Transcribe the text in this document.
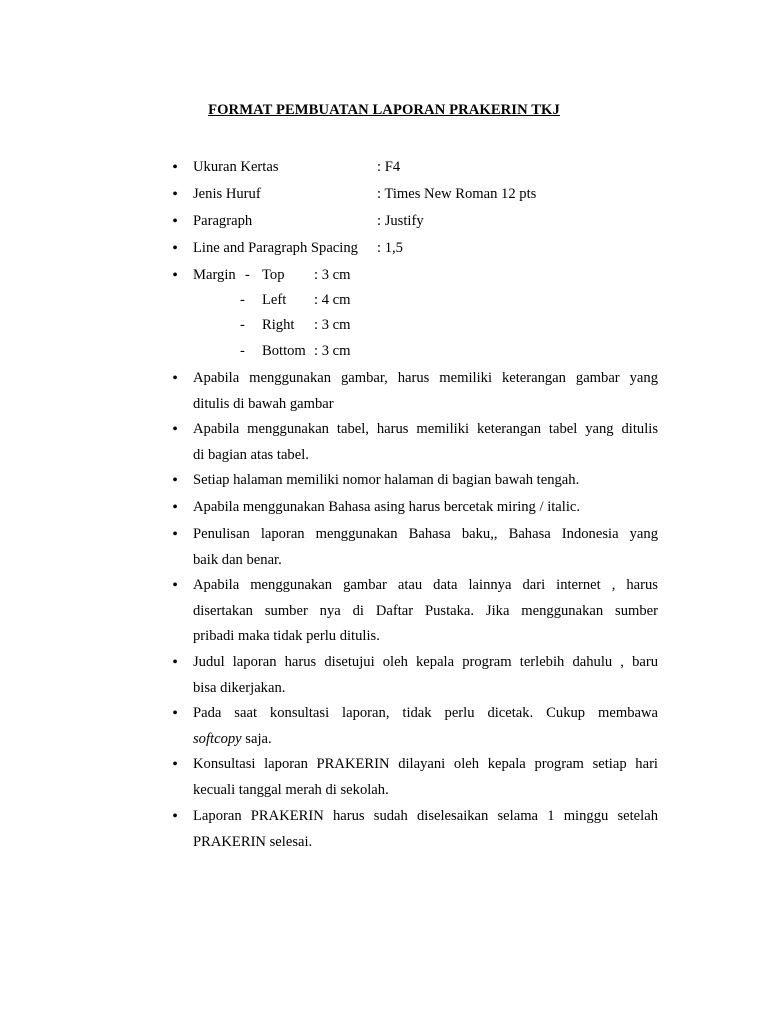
FORMAT PEMBUATAN LAPORAN PRAKERIN TKJ
• Ukuran Kertas	: F4
• Jenis Huruf	: Times New Roman 12 pts
• Paragraph	: Justify
• Line and Paragraph Spacing : 1,5
• Margin - Top : 3 cm
- Left : 4 cm
- Right : 3 cm
- Bottom : 3 cm
• Apabila menggunakan gambar, harus memiliki keterangan gambar yang
ditulis di bawah gambar
• Apabila menggunakan tabel, harus memiliki keterangan tabel yang ditulis
di bagian atas tabel.
• Setiap halaman memiliki nomor halaman di bagian bawah tengah.
• Apabila menggunakan Bahasa asing harus bercetak miring / italic.
• Penulisan laporan menggunakan Bahasa baku,, Bahasa Indonesia yang
baik dan benar.
• Apabila menggunakan gambar atau data lainnya dari internet , harus
disertakan sumber nya di Daftar Pustaka. Jika menggunakan sumber
pribadi maka tidak perlu ditulis.
• Judul laporan harus disetujui oleh kepala program terlebih dahulu , baru
bisa dikerjakan.
• Pada saat konsultasi laporan, tidak perlu dicetak. Cukup membawa
softcopy saja.
• Konsultasi laporan PRAKERIN dilayani oleh kepala program setiap hari
kecuali tanggal merah di sekolah.
• Laporan PRAKERIN harus sudah diselesaikan selama 1 minggu setelah
PRAKERIN selesai.
